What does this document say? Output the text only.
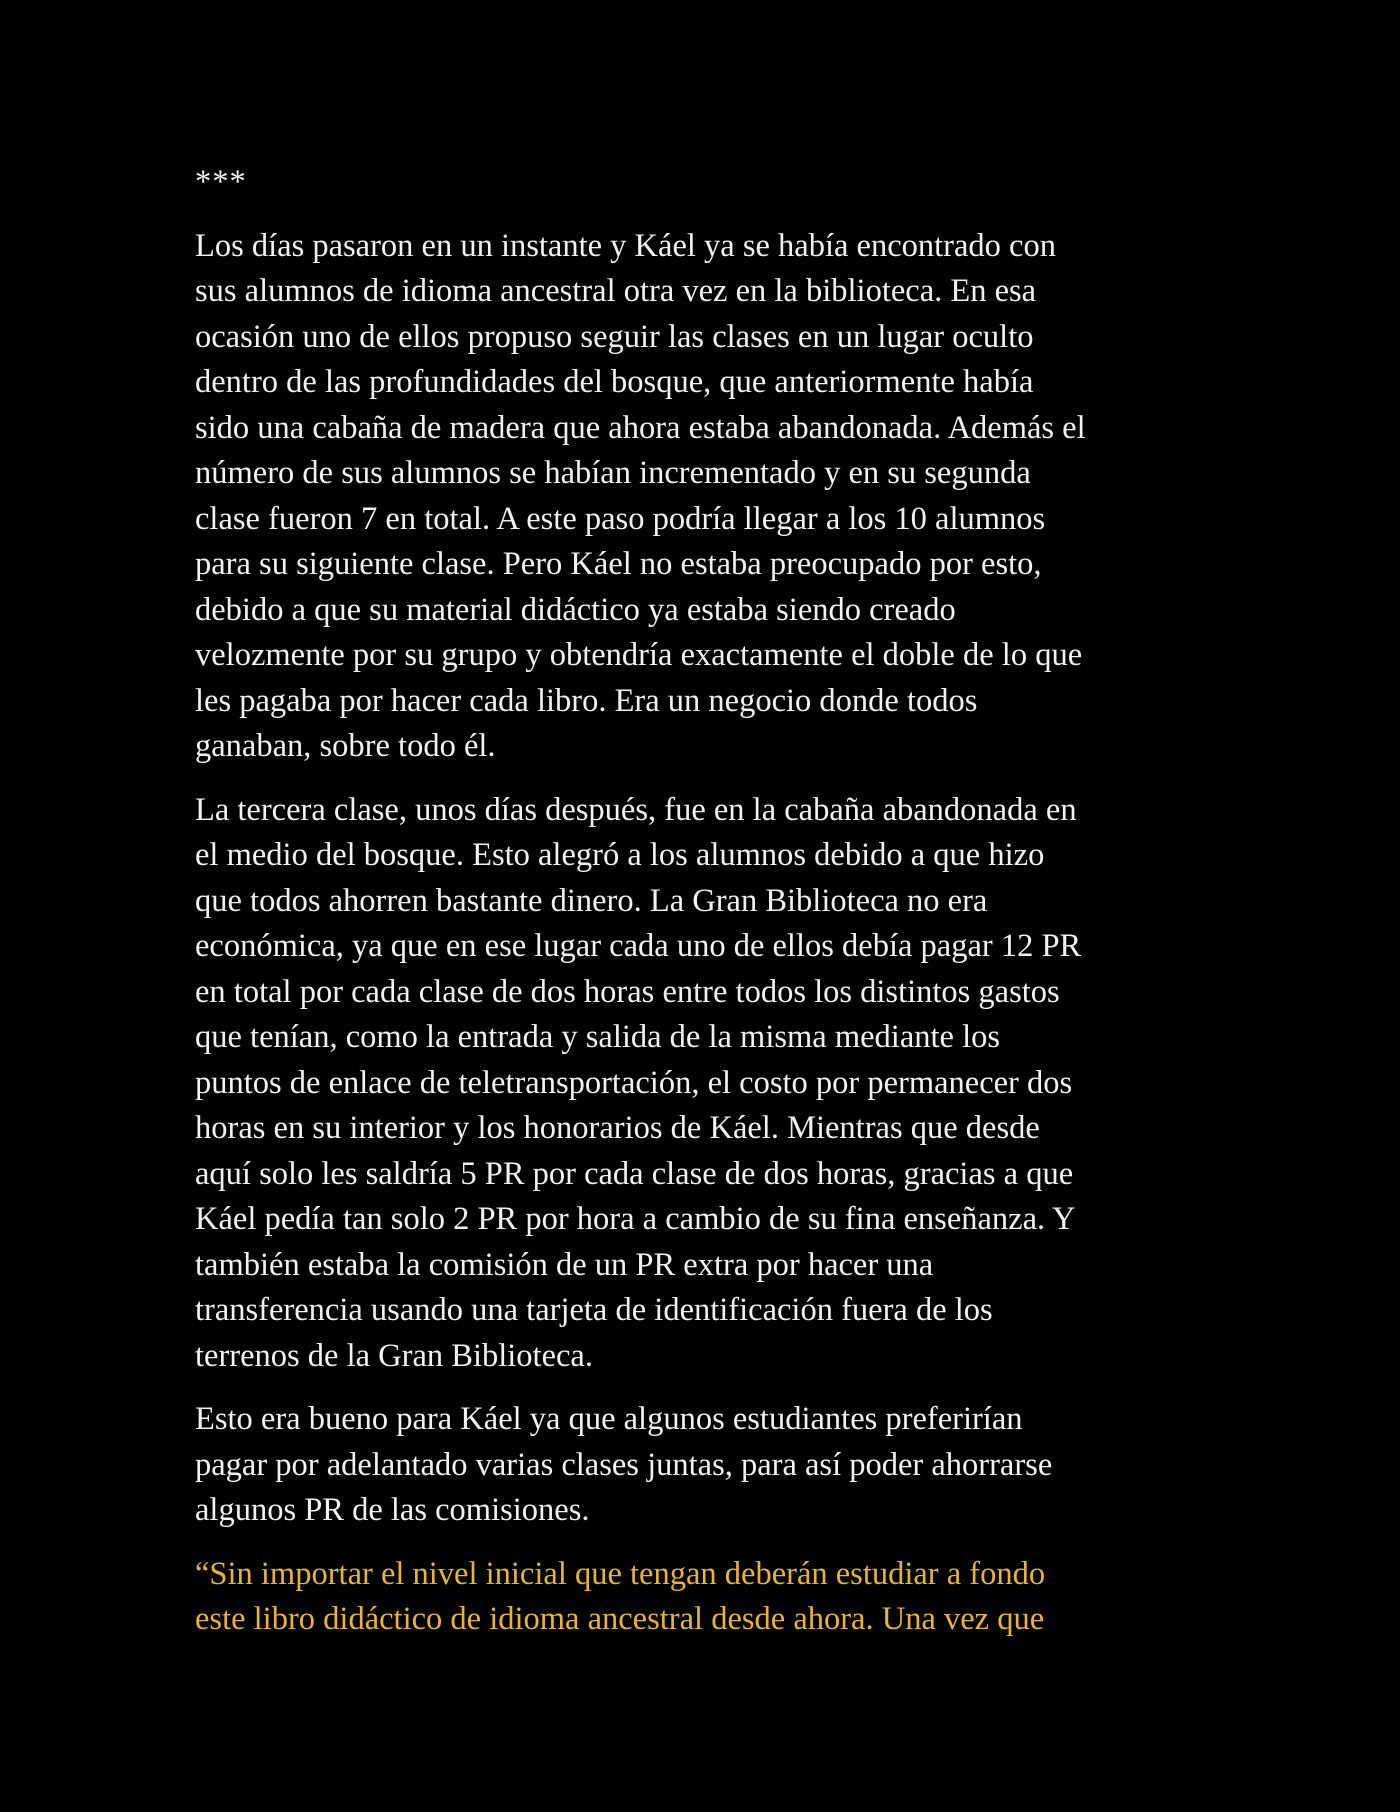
***

Los días pasaron en un instante y Káel ya se había encontrado con
sus alumnos de idioma ancestral otra vez en la biblioteca. En esa
ocasión uno de ellos propuso seguir las clases en un lugar oculto
dentro de las profundidades del bosque, que anteriormente había
sido una cabaña de madera que ahora estaba abandonada. Además el
número de sus alumnos se habían incrementado y en su segunda
clase fueron 7 en total. A este paso podría llegar a los 10 alumnos
para su siguiente clase. Pero Káel no estaba preocupado por esto,
debido a que su material didáctico ya estaba siendo creado
velozmente por su grupo y obtendría exactamente el doble de lo que
les pagaba por hacer cada libro. Era un negocio donde todos
ganaban, sobre todo él.

La tercera clase, unos días después, fue en la cabaña abandonada en
el medio del bosque. Esto alegró a los alumnos debido a que hizo
que todos ahorren bastante dinero. La Gran Biblioteca no era
económica, ya que en ese lugar cada uno de ellos debía pagar 12 PR
en total por cada clase de dos horas entre todos los distintos gastos
que tenían, como la entrada y salida de la misma mediante los
puntos de enlace de teletransportación, el costo por permanecer dos
horas en su interior y los honorarios de Káel. Mientras que desde
aquí solo les saldría 5 PR por cada clase de dos horas, gracias a que
Káel pedía tan solo 2 PR por hora a cambio de su fina enseñanza. Y
también estaba la comisión de un PR extra por hacer una
transferencia usando una tarjeta de identificación fuera de los
terrenos de la Gran Biblioteca.

Esto era bueno para Káel ya que algunos estudiantes preferirían
pagar por adelantado varias clases juntas, para así poder ahorrarse
algunos PR de las comisiones.

“Sin importar el nivel inicial que tengan deberán estudiar a fondo
este libro didáctico de idioma ancestral desde ahora. Una vez que
